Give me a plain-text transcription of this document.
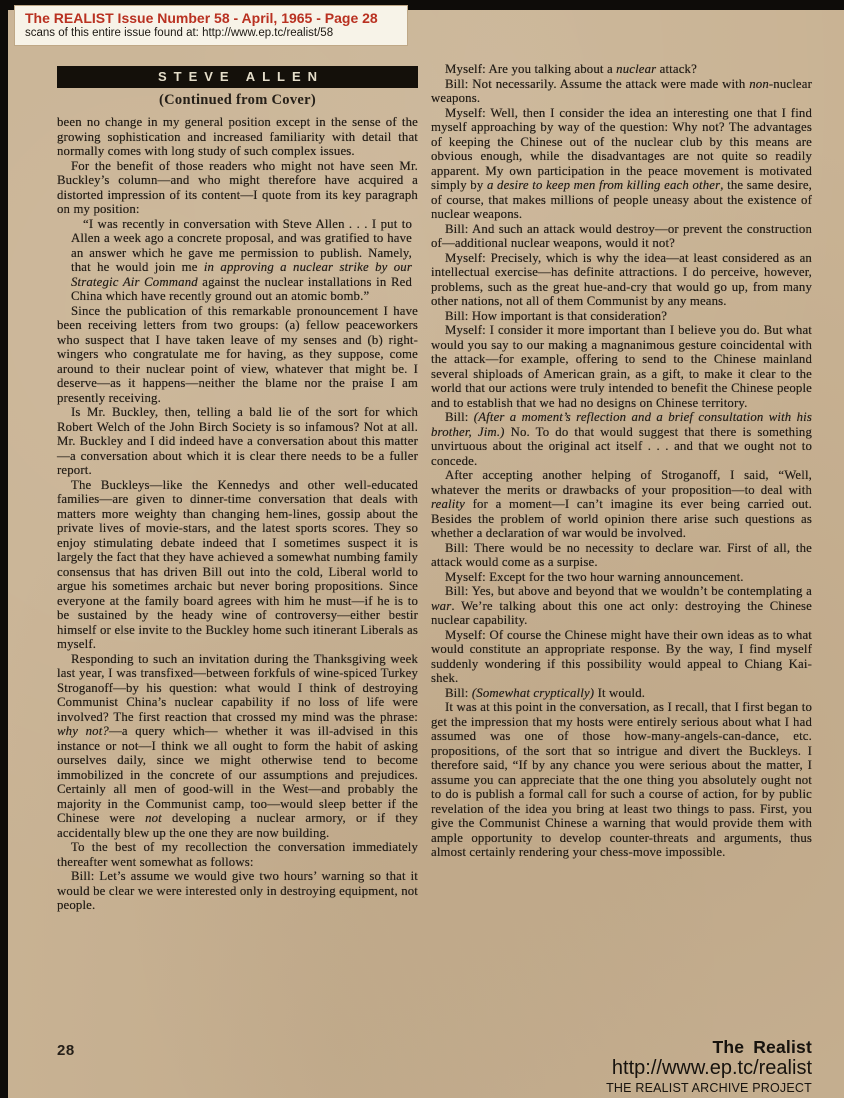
The REALIST Issue Number 58 - April, 1965 - Page 28
scans of this entire issue found at: http://www.ep.tc/realist/58
STEVE ALLEN
(Continued from Cover)

been no change in my general position except in the sense of the growing sophistication and increased familiarity with detail that normally comes with long study of such complex issues.

For the benefit of those readers who might not have seen Mr. Buckley’s column—and who might therefore have acquired a distorted impression of its content—I quote from its key paragraph on my position:

“I was recently in conversation with Steve Allen . . . I put to Allen a week ago a concrete proposal, and was gratified to have an answer which he gave me permission to publish. Namely, that he would join me in approving a nuclear strike by our Strategic Air Command against the nuclear installations in Red China which have recently ground out an atomic bomb.”

Since the publication of this remarkable pronouncement I have been receiving letters from two groups: (a) fellow peaceworkers who suspect that I have taken leave of my senses and (b) right-wingers who congratulate me for having, as they suppose, come around to their nuclear point of view, whatever that might be. I deserve—as it happens—neither the blame nor the praise I am presently receiving.

Is Mr. Buckley, then, telling a bald lie of the sort for which Robert Welch of the John Birch Society is so infamous? Not at all. Mr. Buckley and I did indeed have a conversation about this matter—a conversation about which it is clear there needs to be a fuller report.

The Buckleys—like the Kennedys and other well-educated families—are given to dinner-time conversation that deals with matters more weighty than changing hem-lines, gossip about the private lives of movie-stars, and the latest sports scores. They so enjoy stimulating debate indeed that I sometimes suspect it is largely the fact that they have achieved a somewhat numbing family consensus that has driven Bill out into the cold, Liberal world to argue his sometimes archaic but never boring propositions. Since everyone at the family board agrees with him he must—if he is to be sustained by the heady wine of controversy—either bestir himself or else invite to the Buckley home such itinerant Liberals as myself.

Responding to such an invitation during the Thanksgiving week last year, I was transfixed—between forkfuls of wine-spiced Turkey Stroganoff—by his question: what would I think of destroying Communist China’s nuclear capability if no loss of life were involved? The first reaction that crossed my mind was the phrase: why not?—a query which— whether it was ill-advised in this instance or not—I think we all ought to form the habit of asking ourselves daily, since we might otherwise tend to become immobilized in the concrete of our assumptions and prejudices. Certainly all men of good-will in the West—and probably the majority in the Communist camp, too—would sleep better if the Chinese were not developing a nuclear armory, or if they accidentally blew up the one they are now building.

To the best of my recollection the conversation immediately thereafter went somewhat as follows:

Bill: Let’s assume we would give two hours’ warning so that it would be clear we were interested only in destroying equipment, not people.

Myself: Are you talking about a nuclear attack?

Bill: Not necessarily. Assume the attack were made with non-nuclear weapons.

Myself: Well, then I consider the idea an interesting one that I find myself approaching by way of the question: Why not? The advantages of keeping the Chinese out of the nuclear club by this means are obvious enough, while the disadvantages are not quite so readily apparent. My own participation in the peace movement is motivated simply by a desire to keep men from killing each other, the same desire, of course, that makes millions of people uneasy about the existence of nuclear weapons.

Bill: And such an attack would destroy—or prevent the construction of—additional nuclear weapons, would it not?

Myself: Precisely, which is why the idea—at least considered as an intellectual exercise—has definite attractions. I do perceive, however, problems, such as the great hue-and-cry that would go up, from many other nations, not all of them Communist by any means.

Bill: How important is that consideration?

Myself: I consider it more important than I believe you do. But what would you say to our making a magnanimous gesture coincidental with the attack—for example, offering to send to the Chinese mainland several shiploads of American grain, as a gift, to make it clear to the world that our actions were truly intended to benefit the Chinese people and to establish that we had no designs on Chinese territory.

Bill: (After a moment’s reflection and a brief consultation with his brother, Jim.) No. To do that would suggest that there is something unvirtuous about the original act itself . . . and that we ought not to concede.

After accepting another helping of Stroganoff, I said, “Well, whatever the merits or drawbacks of your proposition—to deal with reality for a moment—I can’t imagine its ever being carried out. Besides the problem of world opinion there arise such questions as whether a declaration of war would be involved.

Bill: There would be no necessity to declare war. First of all, the attack would come as a surpise.

Myself: Except for the two hour warning announcement.

Bill: Yes, but above and beyond that we wouldn’t be contemplating a war. We’re talking about this one act only: destroying the Chinese nuclear capability.

Myself: Of course the Chinese might have their own ideas as to what would constitute an appropriate response. By the way, I find myself suddenly wondering if this possibility would appeal to Chiang Kai-shek.

Bill: (Somewhat cryptically) It would.

It was at this point in the conversation, as I recall, that I first began to get the impression that my hosts were entirely serious about what I had assumed was one of those how-many-angels-can-dance, etc. propositions, of the sort that so intrigue and divert the Buckleys. I therefore said, “If by any chance you were serious about the matter, I assume you can appreciate that the one thing you absolutely ought not to do is publish a formal call for such a course of action, for by public revelation of the idea you bring at least two things to pass. First, you give the Communist Chinese a warning that would provide them with ample opportunity to develop counter-threats and arguments, thus almost certainly rendering your chess-move impossible.

28	The Realist
http://www.ep.tc/realist
THE REALIST ARCHIVE PROJECT
